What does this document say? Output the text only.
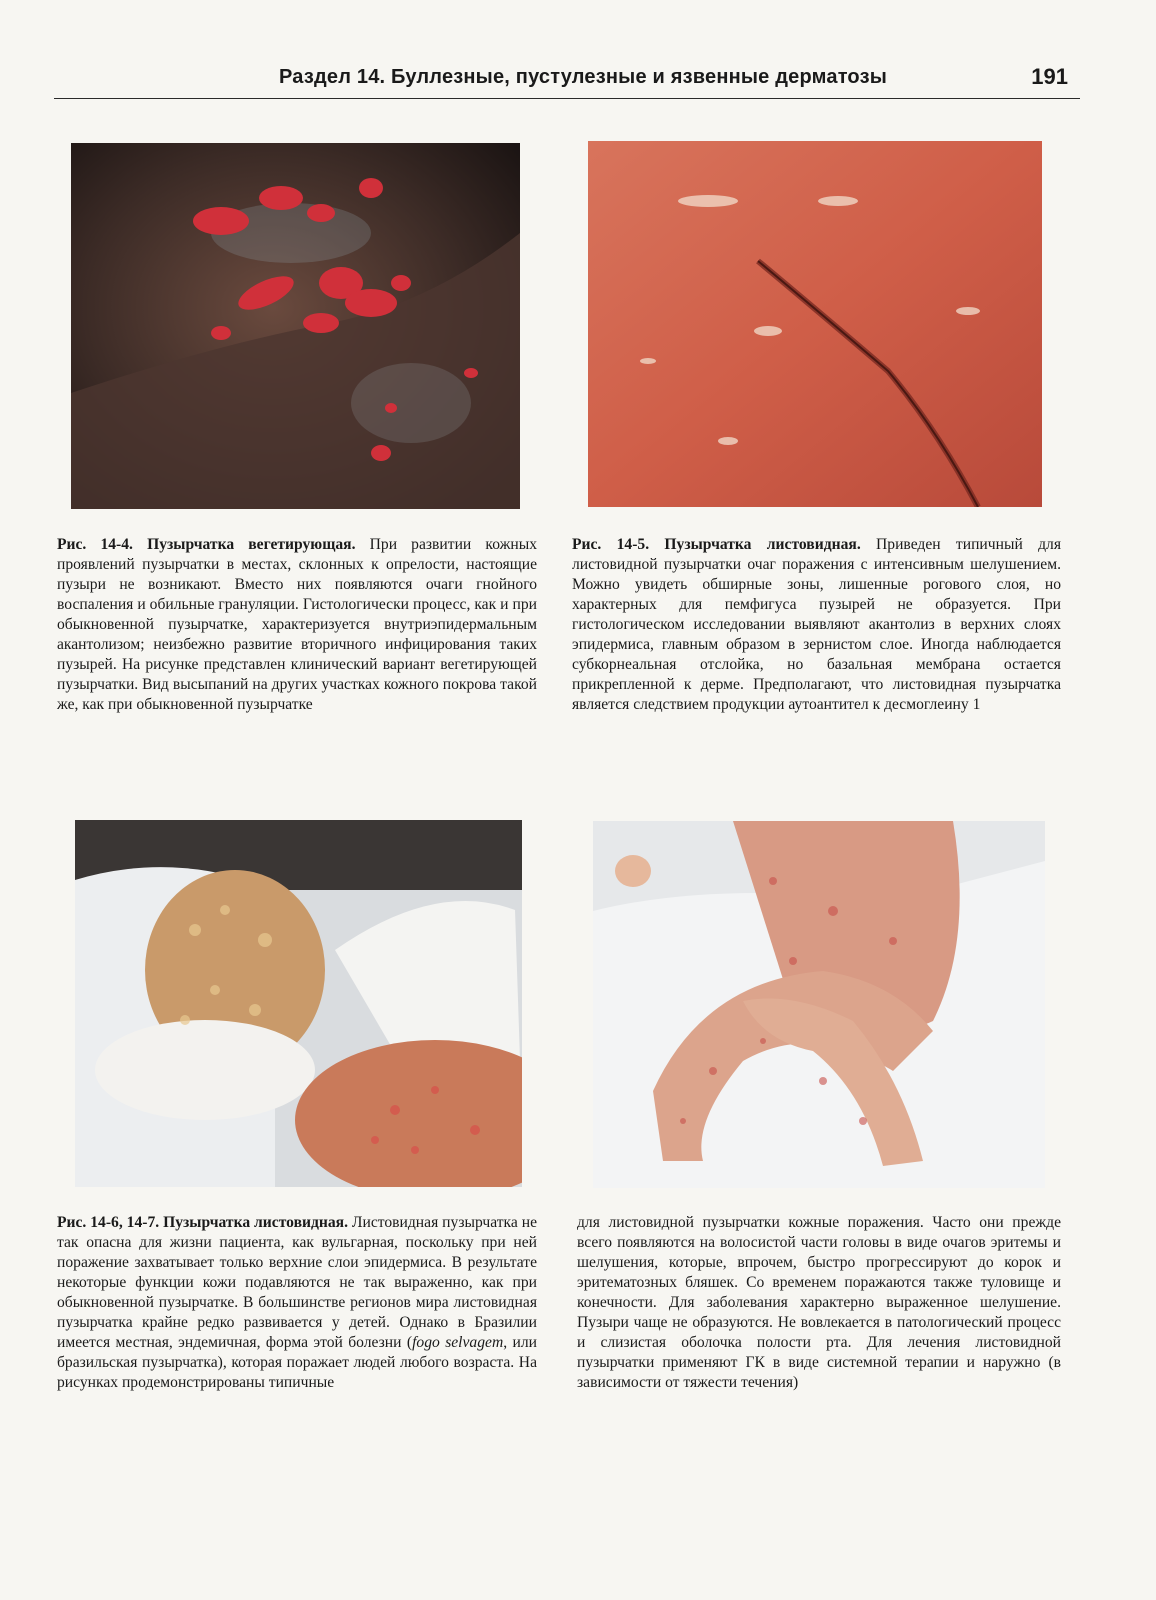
Раздел 14. Буллезные, пустулезные и язвенные дерматозы	191
Рис. 14-4. Пузырчатка вегетирующая. При развитии кожных проявлений пузырчатки в местах, склонных к опрелости, настоящие пузыри не возникают. Вместо них появляются очаги гнойного воспаления и обильные грануляции. Гистологически процесс, как и при обыкновенной пузырчатке, характеризуется внутриэпидермальным акантолизом; неизбежно развитие вторичного инфицирования таких пузырей. На рисунке представлен клинический вариант вегетирующей пузырчатки. Вид высыпаний на других участках кожного покрова такой же, как при обыкновенной пузырчатке
Рис. 14-5. Пузырчатка листовидная. Приведен типичный для листовидной пузырчатки очаг поражения с интенсивным шелушением. Можно увидеть обширные зоны, лишенные рогового слоя, но характерных для пемфигуса пузырей не образуется. При гистологическом исследовании выявляют акантолиз в верхних слоях эпидермиса, главным образом в зернистом слое. Иногда наблюдается субкорнеальная отслойка, но базальная мембрана остается прикрепленной к дерме. Предполагают, что листовидная пузырчатка является следствием продукции аутоантител к десмоглеину 1
Рис. 14-6, 14-7. Пузырчатка листовидная. Листовидная пузырчатка не так опасна для жизни пациента, как вульгарная, поскольку при ней поражение захватывает только верхние слои эпидермиса. В результате некоторые функции кожи подавляются не так выраженно, как при обыкновенной пузырчатке. В большинстве регионов мира листовидная пузырчатка крайне редко развивается у детей. Однако в Бразилии имеется местная, эндемичная, форма этой болезни (fogo selvagem, или бразильская пузырчатка), которая поражает людей любого возраста. На рисунках продемонстрированы типичные
для листовидной пузырчатки кожные поражения. Часто они прежде всего появляются на волосистой части головы в виде очагов эритемы и шелушения, которые, впрочем, быстро прогрессируют до корок и эритематозных бляшек. Со временем поражаются также туловище и конечности. Для заболевания характерно выраженное шелушение. Пузыри чаще не образуются. Не вовлекается в патологический процесс и слизистая оболочка полости рта. Для лечения листовидной пузырчатки применяют ГК в виде системной терапии и наружно (в зависимости от тяжести течения)
